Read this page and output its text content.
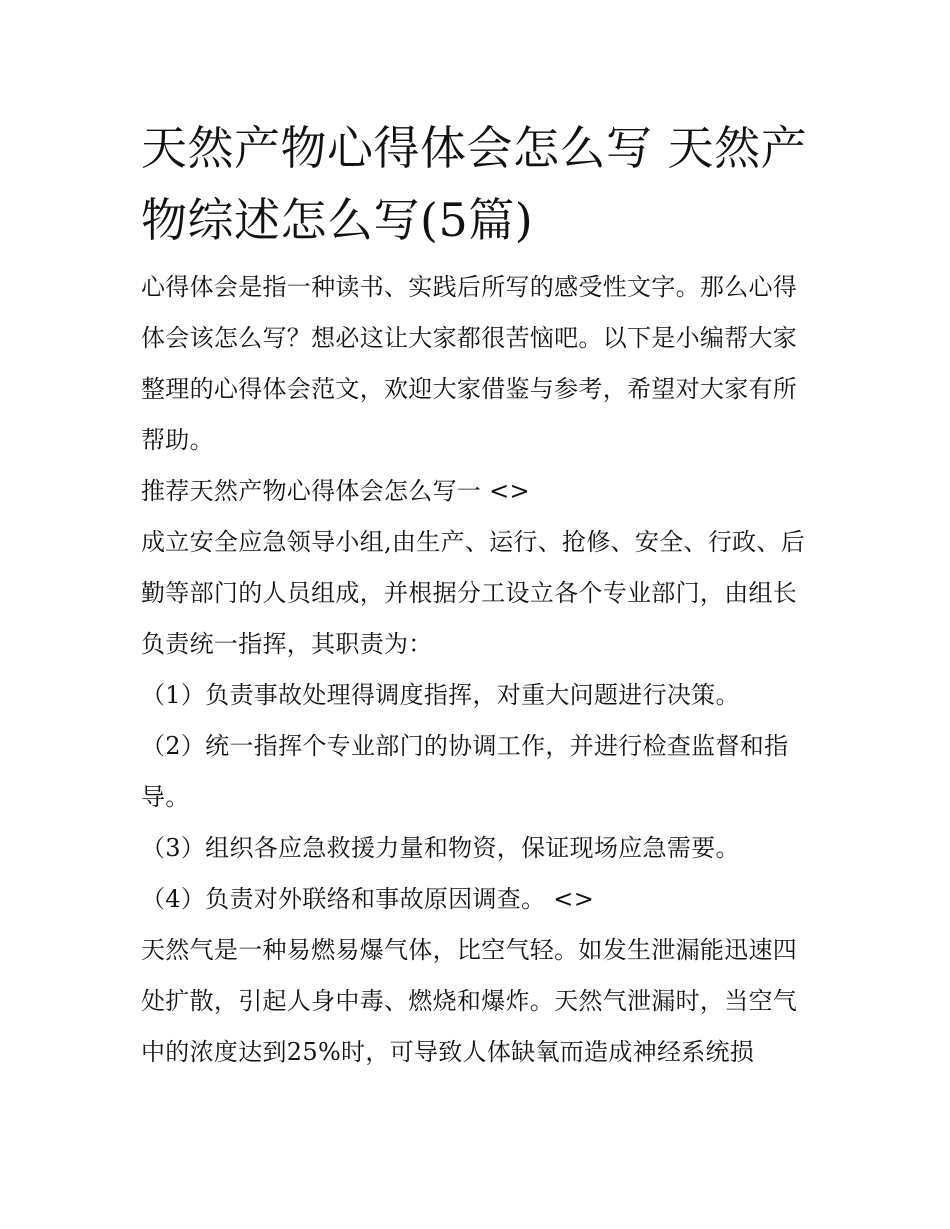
天然产物心得体会怎么写 天然产物综述怎么写(5篇)

心得体会是指一种读书、实践后所写的感受性文字。那么心得体会该怎么写？想必这让大家都很苦恼吧。以下是小编帮大家整理的心得体会范文，欢迎大家借鉴与参考，希望对大家有所帮助。

推荐天然产物心得体会怎么写一 <>

成立安全应急领导小组,由生产、运行、抢修、安全、行政、后勤等部门的人员组成，并根据分工设立各个专业部门，由组长负责统一指挥，其职责为：

（1）负责事故处理得调度指挥，对重大问题进行决策。

（2）统一指挥个专业部门的协调工作，并进行检查监督和指导。

（3）组织各应急救援力量和物资，保证现场应急需要。

（4）负责对外联络和事故原因调查。 <>

天然气是一种易燃易爆气体，比空气轻。如发生泄漏能迅速四处扩散，引起人身中毒、燃烧和爆炸。天然气泄漏时，当空气中的浓度达到25%时，可导致人体缺氧而造成神经系统损
